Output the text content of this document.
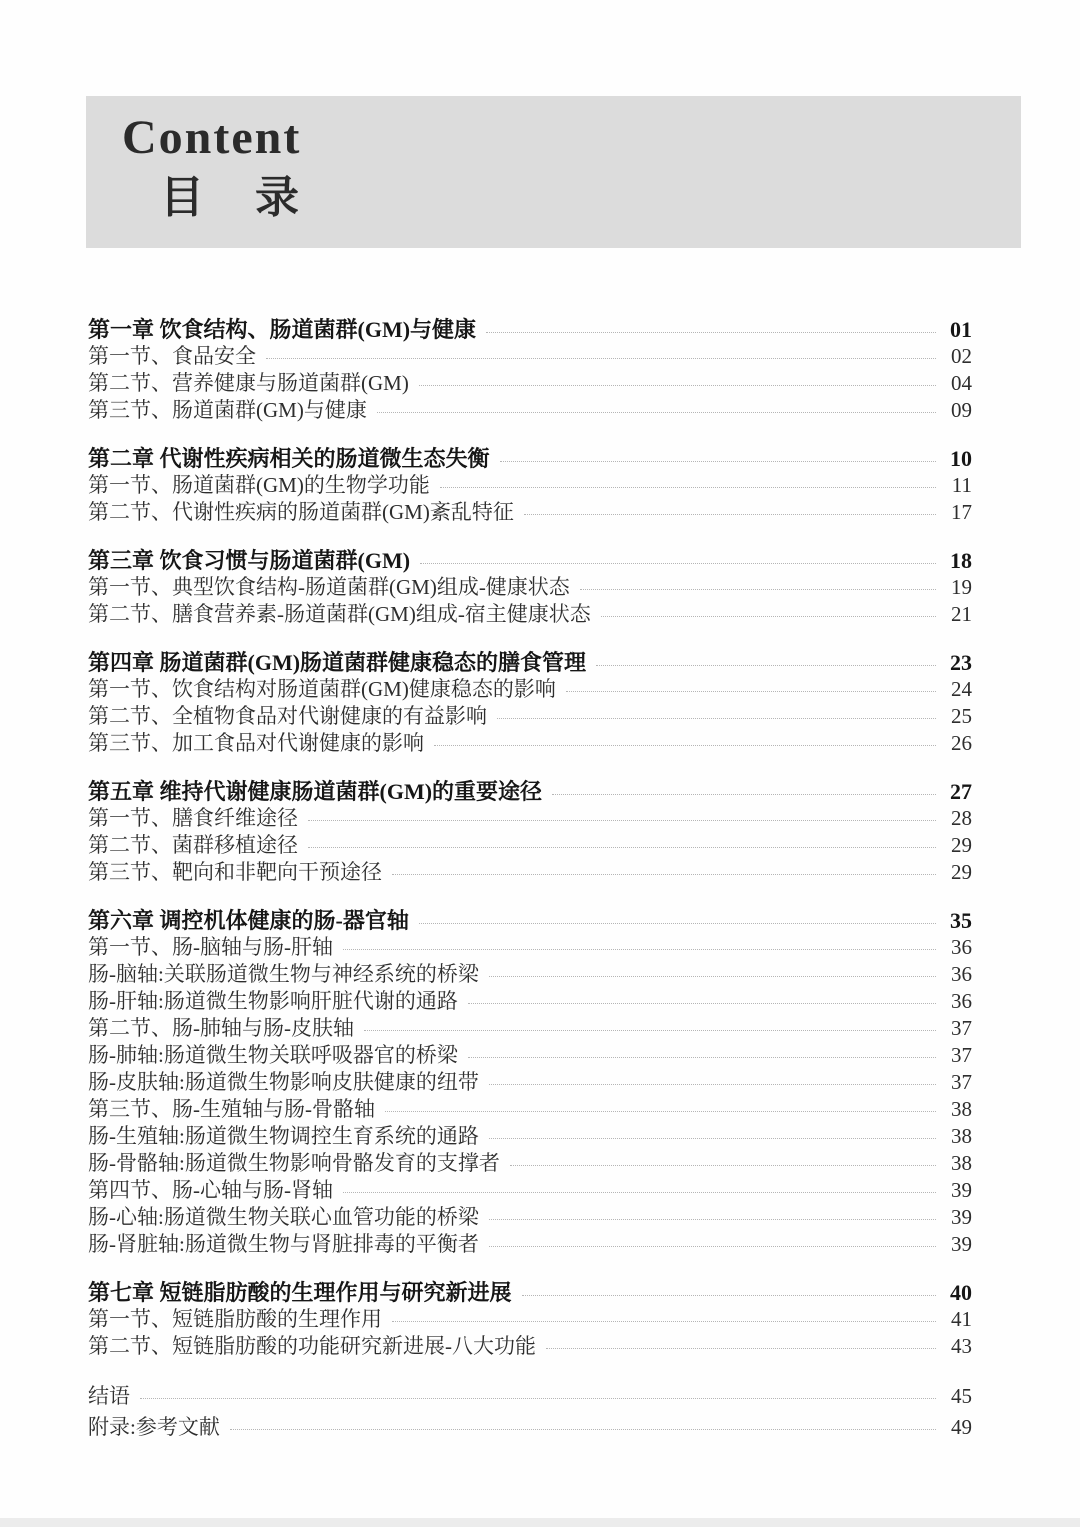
Content
目 录
第一章 饮食结构、肠道菌群(GM)与健康	01
第一节、食品安全	02
第二节、营养健康与肠道菌群(GM)	04
第三节、肠道菌群(GM)与健康	09
第二章 代谢性疾病相关的肠道微生态失衡	10
第一节、肠道菌群(GM)的生物学功能	11
第二节、代谢性疾病的肠道菌群(GM)紊乱特征	17
第三章 饮食习惯与肠道菌群(GM)	18
第一节、典型饮食结构-肠道菌群(GM)组成-健康状态	19
第二节、膳食营养素-肠道菌群(GM)组成-宿主健康状态	21
第四章 肠道菌群(GM)肠道菌群健康稳态的膳食管理	23
第一节、饮食结构对肠道菌群(GM)健康稳态的影响	24
第二节、全植物食品对代谢健康的有益影响	25
第三节、加工食品对代谢健康的影响	26
第五章 维持代谢健康肠道菌群(GM)的重要途径	27
第一节、膳食纤维途径	28
第二节、菌群移植途径	29
第三节、靶向和非靶向干预途径	29
第六章 调控机体健康的肠-器官轴	35
第一节、肠-脑轴与肠-肝轴	36
肠-脑轴:关联肠道微生物与神经系统的桥梁	36
肠-肝轴:肠道微生物影响肝脏代谢的通路	36
第二节、肠-肺轴与肠-皮肤轴	37
肠-肺轴:肠道微生物关联呼吸器官的桥梁	37
肠-皮肤轴:肠道微生物影响皮肤健康的纽带	37
第三节、肠-生殖轴与肠-骨骼轴	38
肠-生殖轴:肠道微生物调控生育系统的通路	38
肠-骨骼轴:肠道微生物影响骨骼发育的支撑者	38
第四节、肠-心轴与肠-肾轴	39
肠-心轴:肠道微生物关联心血管功能的桥梁	39
肠-肾脏轴:肠道微生物与肾脏排毒的平衡者	39
第七章 短链脂肪酸的生理作用与研究新进展	40
第一节、短链脂肪酸的生理作用	41
第二节、短链脂肪酸的功能研究新进展-八大功能	43
结语	45
附录:参考文献	49
